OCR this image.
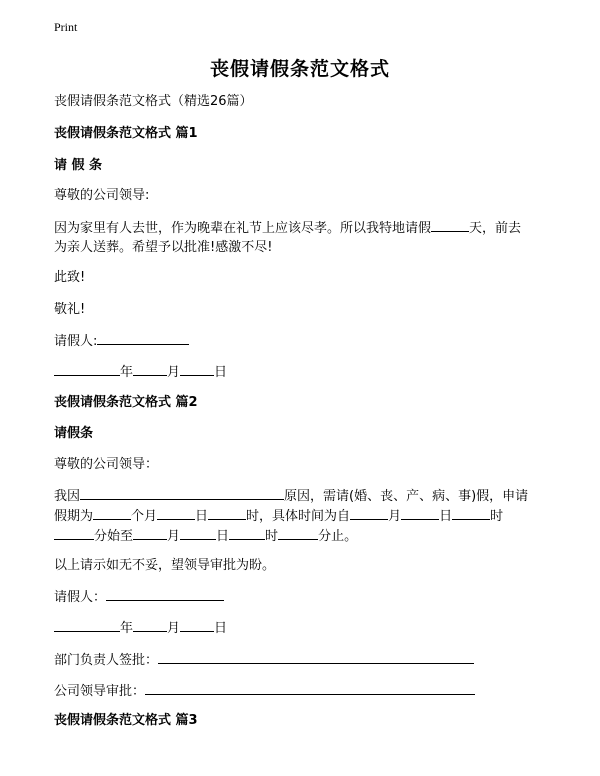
Print
丧假请假条范文格式
丧假请假条范文格式（精选26篇）
丧假请假条范文格式 篇1
请 假 条
尊敬的公司领导:
因为家里有人去世，作为晚辈在礼节上应该尽孝。所以我特地请假	天，前去
为亲人送葬。希望予以批准!感激不尽!
此致!
敬礼!
请假人:
年	月	日
丧假请假条范文格式 篇2
请假条
尊敬的公司领导：
我因	原因，需请(婚、丧、产、病、事)假，申请
假期为	个月	日	时，具体时间为自	月	日	时
分始至	月	日	时	分止。
以上请示如无不妥，望领导审批为盼。
请假人：
年	月	日
部门负责人签批：
公司领导审批：
丧假请假条范文格式 篇3
